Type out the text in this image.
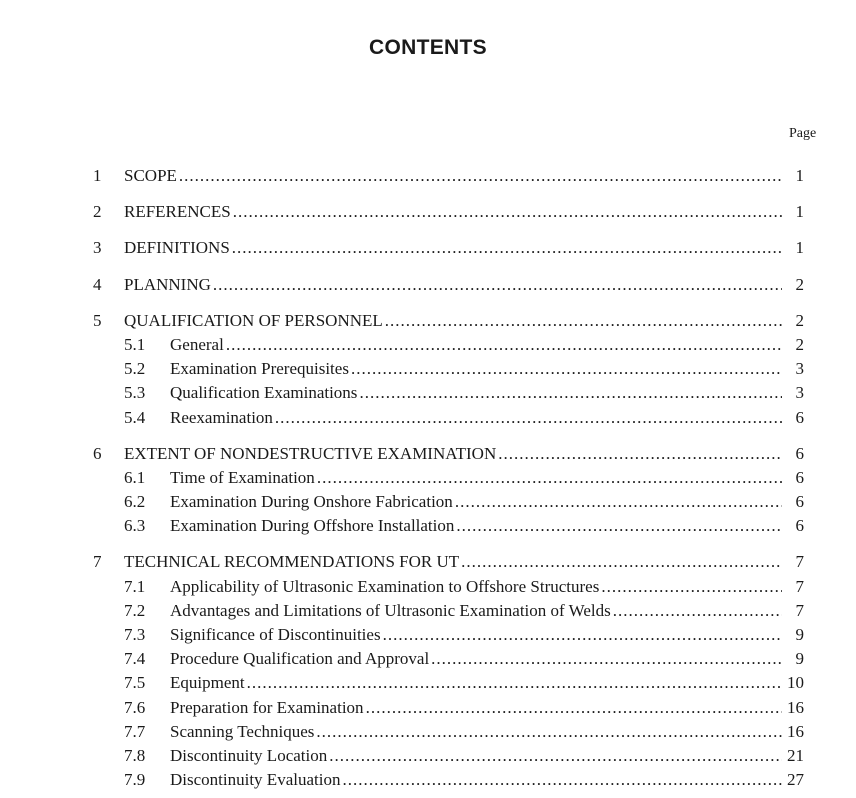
CONTENTS
Page
1 SCOPE .....	1
2 REFERENCES .....	1
3 DEFINITIONS .....	1
4 PLANNING .....	2
5 QUALIFICATION OF PERSONNEL .....	2
5.1 General .....	2
5.2 Examination Prerequisites .....	3
5.3 Qualification Examinations .....	3
5.4 Reexamination .....	6
6 EXTENT OF NONDESTRUCTIVE EXAMINATION .....	6
6.1 Time of Examination .....	6
6.2 Examination During Onshore Fabrication .....	6
6.3 Examination During Offshore Installation .....	6
7 TECHNICAL RECOMMENDATIONS FOR UT .....	7
7.1 Applicability of Ultrasonic Examination to Offshore Structures .....	7
7.2 Advantages and Limitations of Ultrasonic Examination of Welds .....	7
7.3 Significance of Discontinuities .....	9
7.4 Procedure Qualification and Approval .....	9
7.5 Equipment .....	10
7.6 Preparation for Examination .....	16
7.7 Scanning Techniques .....	16
7.8 Discontinuity Location .....	21
7.9 Discontinuity Evaluation .....	27
